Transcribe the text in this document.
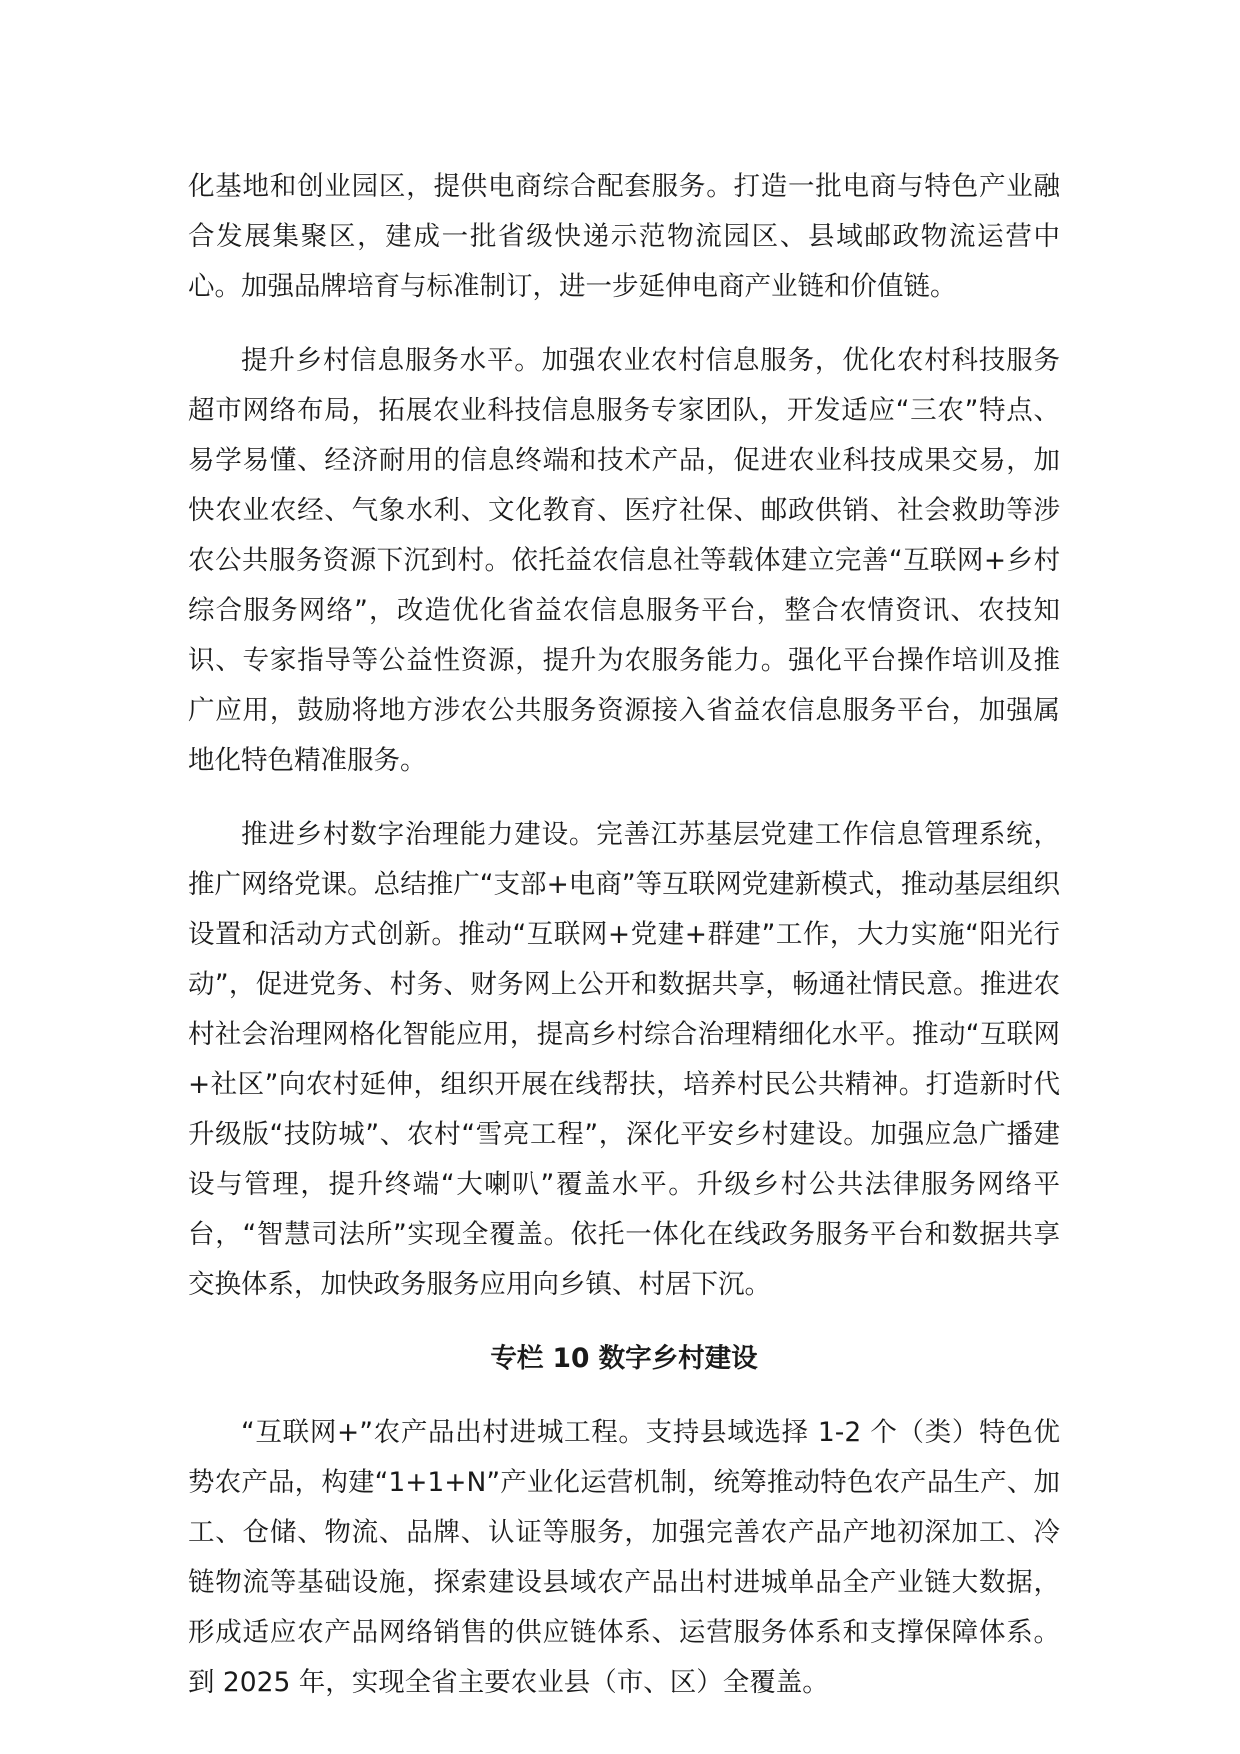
化基地和创业园区，提供电商综合配套服务。打造一批电商与特色产业融合发展集聚区，建成一批省级快递示范物流园区、县域邮政物流运营中心。加强品牌培育与标准制订，进一步延伸电商产业链和价值链。

提升乡村信息服务水平。加强农业农村信息服务，优化农村科技服务超市网络布局，拓展农业科技信息服务专家团队，开发适应“三农”特点、易学易懂、经济耐用的信息终端和技术产品，促进农业科技成果交易，加快农业农经、气象水利、文化教育、医疗社保、邮政供销、社会救助等涉农公共服务资源下沉到村。依托益农信息社等载体建立完善“互联网+乡村综合服务网络”，改造优化省益农信息服务平台，整合农情资讯、农技知识、专家指导等公益性资源，提升为农服务能力。强化平台操作培训及推广应用，鼓励将地方涉农公共服务资源接入省益农信息服务平台，加强属地化特色精准服务。

推进乡村数字治理能力建设。完善江苏基层党建工作信息管理系统，推广网络党课。总结推广“支部+电商”等互联网党建新模式，推动基层组织设置和活动方式创新。推动“互联网+党建+群建”工作，大力实施“阳光行动”，促进党务、村务、财务网上公开和数据共享，畅通社情民意。推进农村社会治理网格化智能应用，提高乡村综合治理精细化水平。推动“互联网+社区”向农村延伸，组织开展在线帮扶，培养村民公共精神。打造新时代升级版“技防城”、农村“雪亮工程”，深化平安乡村建设。加强应急广播建设与管理，提升终端“大喇叭”覆盖水平。升级乡村公共法律服务网络平台，“智慧司法所”实现全覆盖。依托一体化在线政务服务平台和数据共享交换体系，加快政务服务应用向乡镇、村居下沉。

专栏 10 数字乡村建设

“互联网+”农产品出村进城工程。支持县域选择 1-2 个（类）特色优势农产品，构建“1+1+N”产业化运营机制，统筹推动特色农产品生产、加工、仓储、物流、品牌、认证等服务，加强完善农产品产地初深加工、冷链物流等基础设施，探索建设县域农产品出村进城单品全产业链大数据，形成适应农产品网络销售的供应链体系、运营服务体系和支撑保障体系。到 2025 年，实现全省主要农业县（市、区）全覆盖。
